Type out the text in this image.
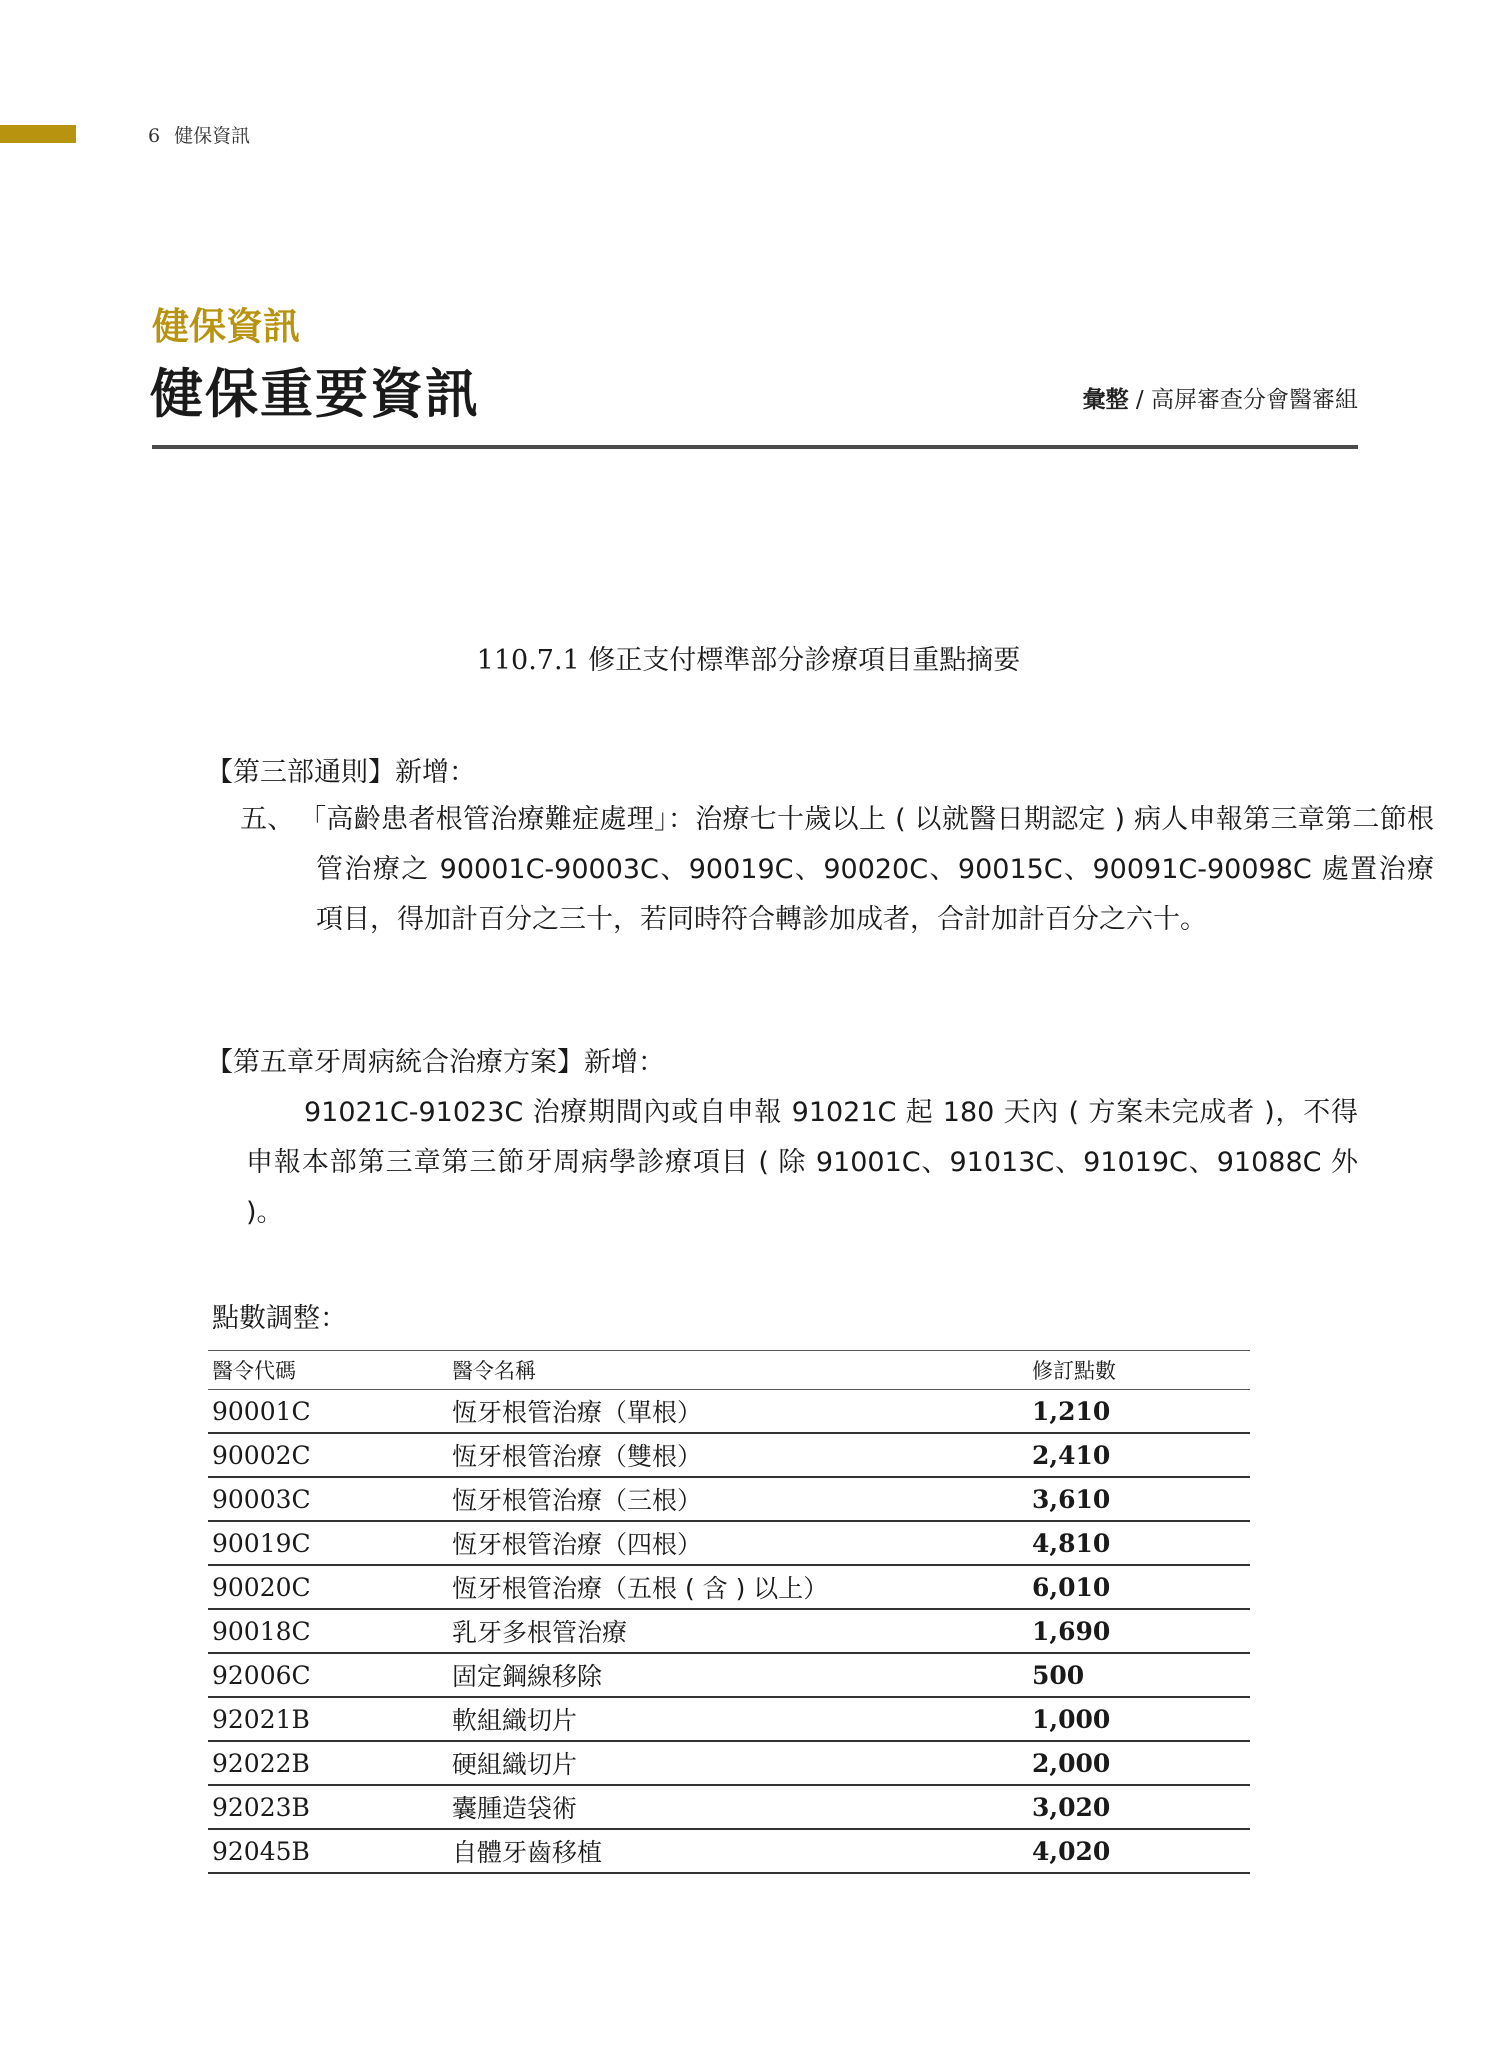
6 健保資訊
健保資訊
健保重要資訊	彙整 / 高屏審查分會醫審組
110.7.1 修正支付標準部分診療項目重點摘要
【第三部通則】新增：
五、 「高齡患者根管治療難症處理」：治療七十歲以上 ( 以就醫日期認定 ) 病人申報第三章第二節根管治療之 90001C-90003C、90019C、90020C、90015C、90091C-90098C 處置治療項目，得加計百分之三十，若同時符合轉診加成者，合計加計百分之六十。
【第五章牙周病統合治療方案】新增：
91021C-91023C 治療期間內或自申報 91021C 起 180 天內 ( 方案未完成者 )，不得申報本部第三章第三節牙周病學診療項目 ( 除 91001C、91013C、91019C、91088C 外 )。
點數調整：
醫令代碼	醫令名稱	修訂點數
90001C	恆牙根管治療（單根）	1,210
90002C	恆牙根管治療（雙根）	2,410
90003C	恆牙根管治療（三根）	3,610
90019C	恆牙根管治療（四根）	4,810
90020C	恆牙根管治療（五根 ( 含 ) 以上）	6,010
90018C	乳牙多根管治療	1,690
92006C	固定鋼線移除	500
92021B	軟組織切片	1,000
92022B	硬組織切片	2,000
92023B	囊腫造袋術	3,020
92045B	自體牙齒移植	4,020
